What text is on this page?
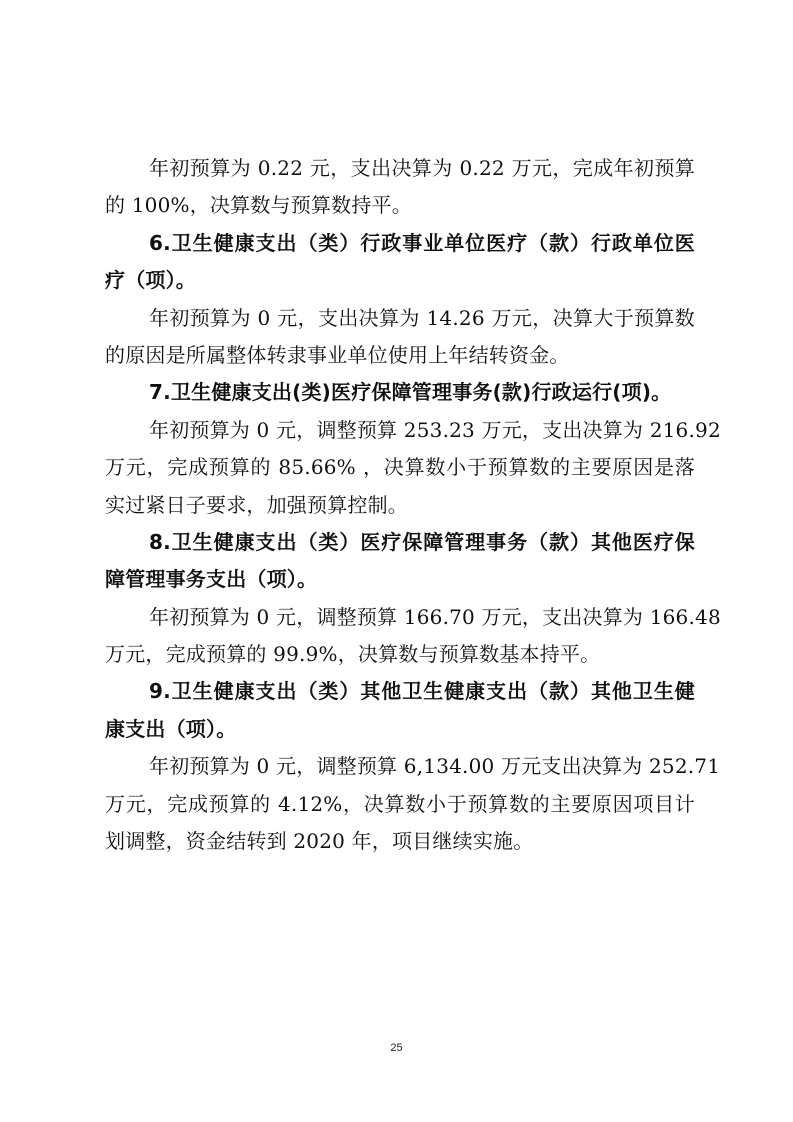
年初预算为 0.22 元，支出决算为 0.22 万元，完成年初预算
的 100%，决算数与预算数持平。
6.卫生健康支出（类）行政事业单位医疗（款）行政单位医
疗（项）。
年初预算为 0 元，支出决算为 14.26 万元，决算大于预算数
的原因是所属整体转隶事业单位使用上年结转资金。
7.卫生健康支出(类)医疗保障管理事务(款)行政运行(项)。
年初预算为 0 元，调整预算 253.23 万元，支出决算为 216.92
万元，完成预算的 85.66% ，决算数小于预算数的主要原因是落
实过紧日子要求，加强预算控制。
8.卫生健康支出（类）医疗保障管理事务（款）其他医疗保
障管理事务支出（项）。
年初预算为 0 元，调整预算 166.70 万元，支出决算为 166.48
万元，完成预算的 99.9%，决算数与预算数基本持平。
9.卫生健康支出（类）其他卫生健康支出（款）其他卫生健
康支出（项）。
年初预算为 0 元，调整预算 6,134.00 万元支出决算为 252.71
万元，完成预算的 4.12%，决算数小于预算数的主要原因项目计
划调整，资金结转到 2020 年，项目继续实施。
25
